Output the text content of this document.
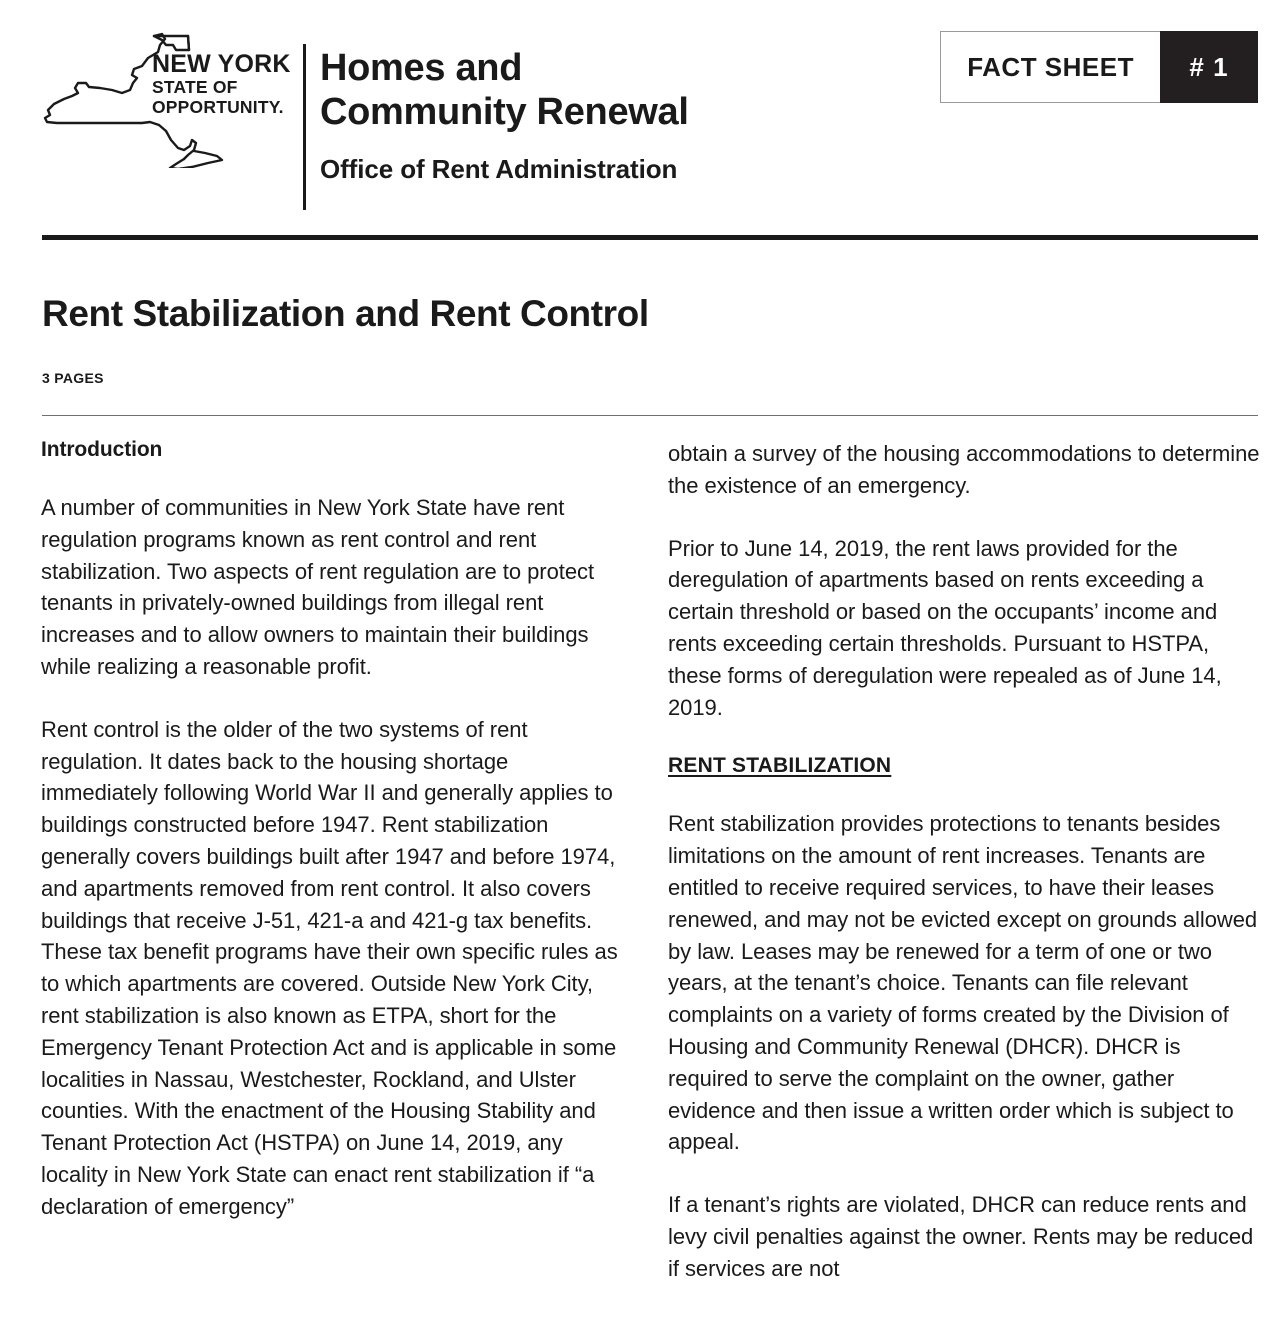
NEW YORK
STATE OF
OPPORTUNITY.
Homes and
Community Renewal
Office of Rent Administration
FACT SHEET	# 1
Rent Stabilization and Rent Control
3 PAGES
Introduction

A number of communities in New York State have rent regulation programs known as rent control and rent stabilization. Two aspects of rent regulation are to protect tenants in privately-owned buildings from illegal rent increases and to allow owners to maintain their buildings while realizing a reasonable profit.

Rent control is the older of the two systems of rent regulation. It dates back to the housing shortage immediately following World War II and generally applies to buildings constructed before 1947. Rent stabilization generally covers buildings built after 1947 and before 1974, and apartments removed from rent control. It also covers buildings that receive J-51, 421-a and 421-g tax benefits. These tax benefit programs have their own specific rules as to which apartments are covered. Outside New York City, rent stabilization is also known as ETPA, short for the Emergency Tenant Protection Act and is applicable in some localities in Nassau, Westchester, Rockland, and Ulster counties. With the enactment of the Housing Stability and Tenant Protection Act (HSTPA) on June 14, 2019, any locality in New York State can enact rent stabilization if “a declaration of emergency”

obtain a survey of the housing accommodations to determine the existence of an emergency.

Prior to June 14, 2019, the rent laws provided for the deregulation of apartments based on rents exceeding a certain threshold or based on the occupants’ income and rents exceeding certain thresholds. Pursuant to HSTPA, these forms of deregulation were repealed as of June 14, 2019.

RENT STABILIZATION

Rent stabilization provides protections to tenants besides limitations on the amount of rent increases. Tenants are entitled to receive required services, to have their leases renewed, and may not be evicted except on grounds allowed by law. Leases may be renewed for a term of one or two years, at the tenant’s choice. Tenants can file relevant complaints on a variety of forms created by the Division of Housing and Community Renewal (DHCR). DHCR is required to serve the complaint on the owner, gather evidence and then issue a written order which is subject to appeal.

If a tenant’s rights are violated, DHCR can reduce rents and levy civil penalties against the owner. Rents may be reduced if services are not
